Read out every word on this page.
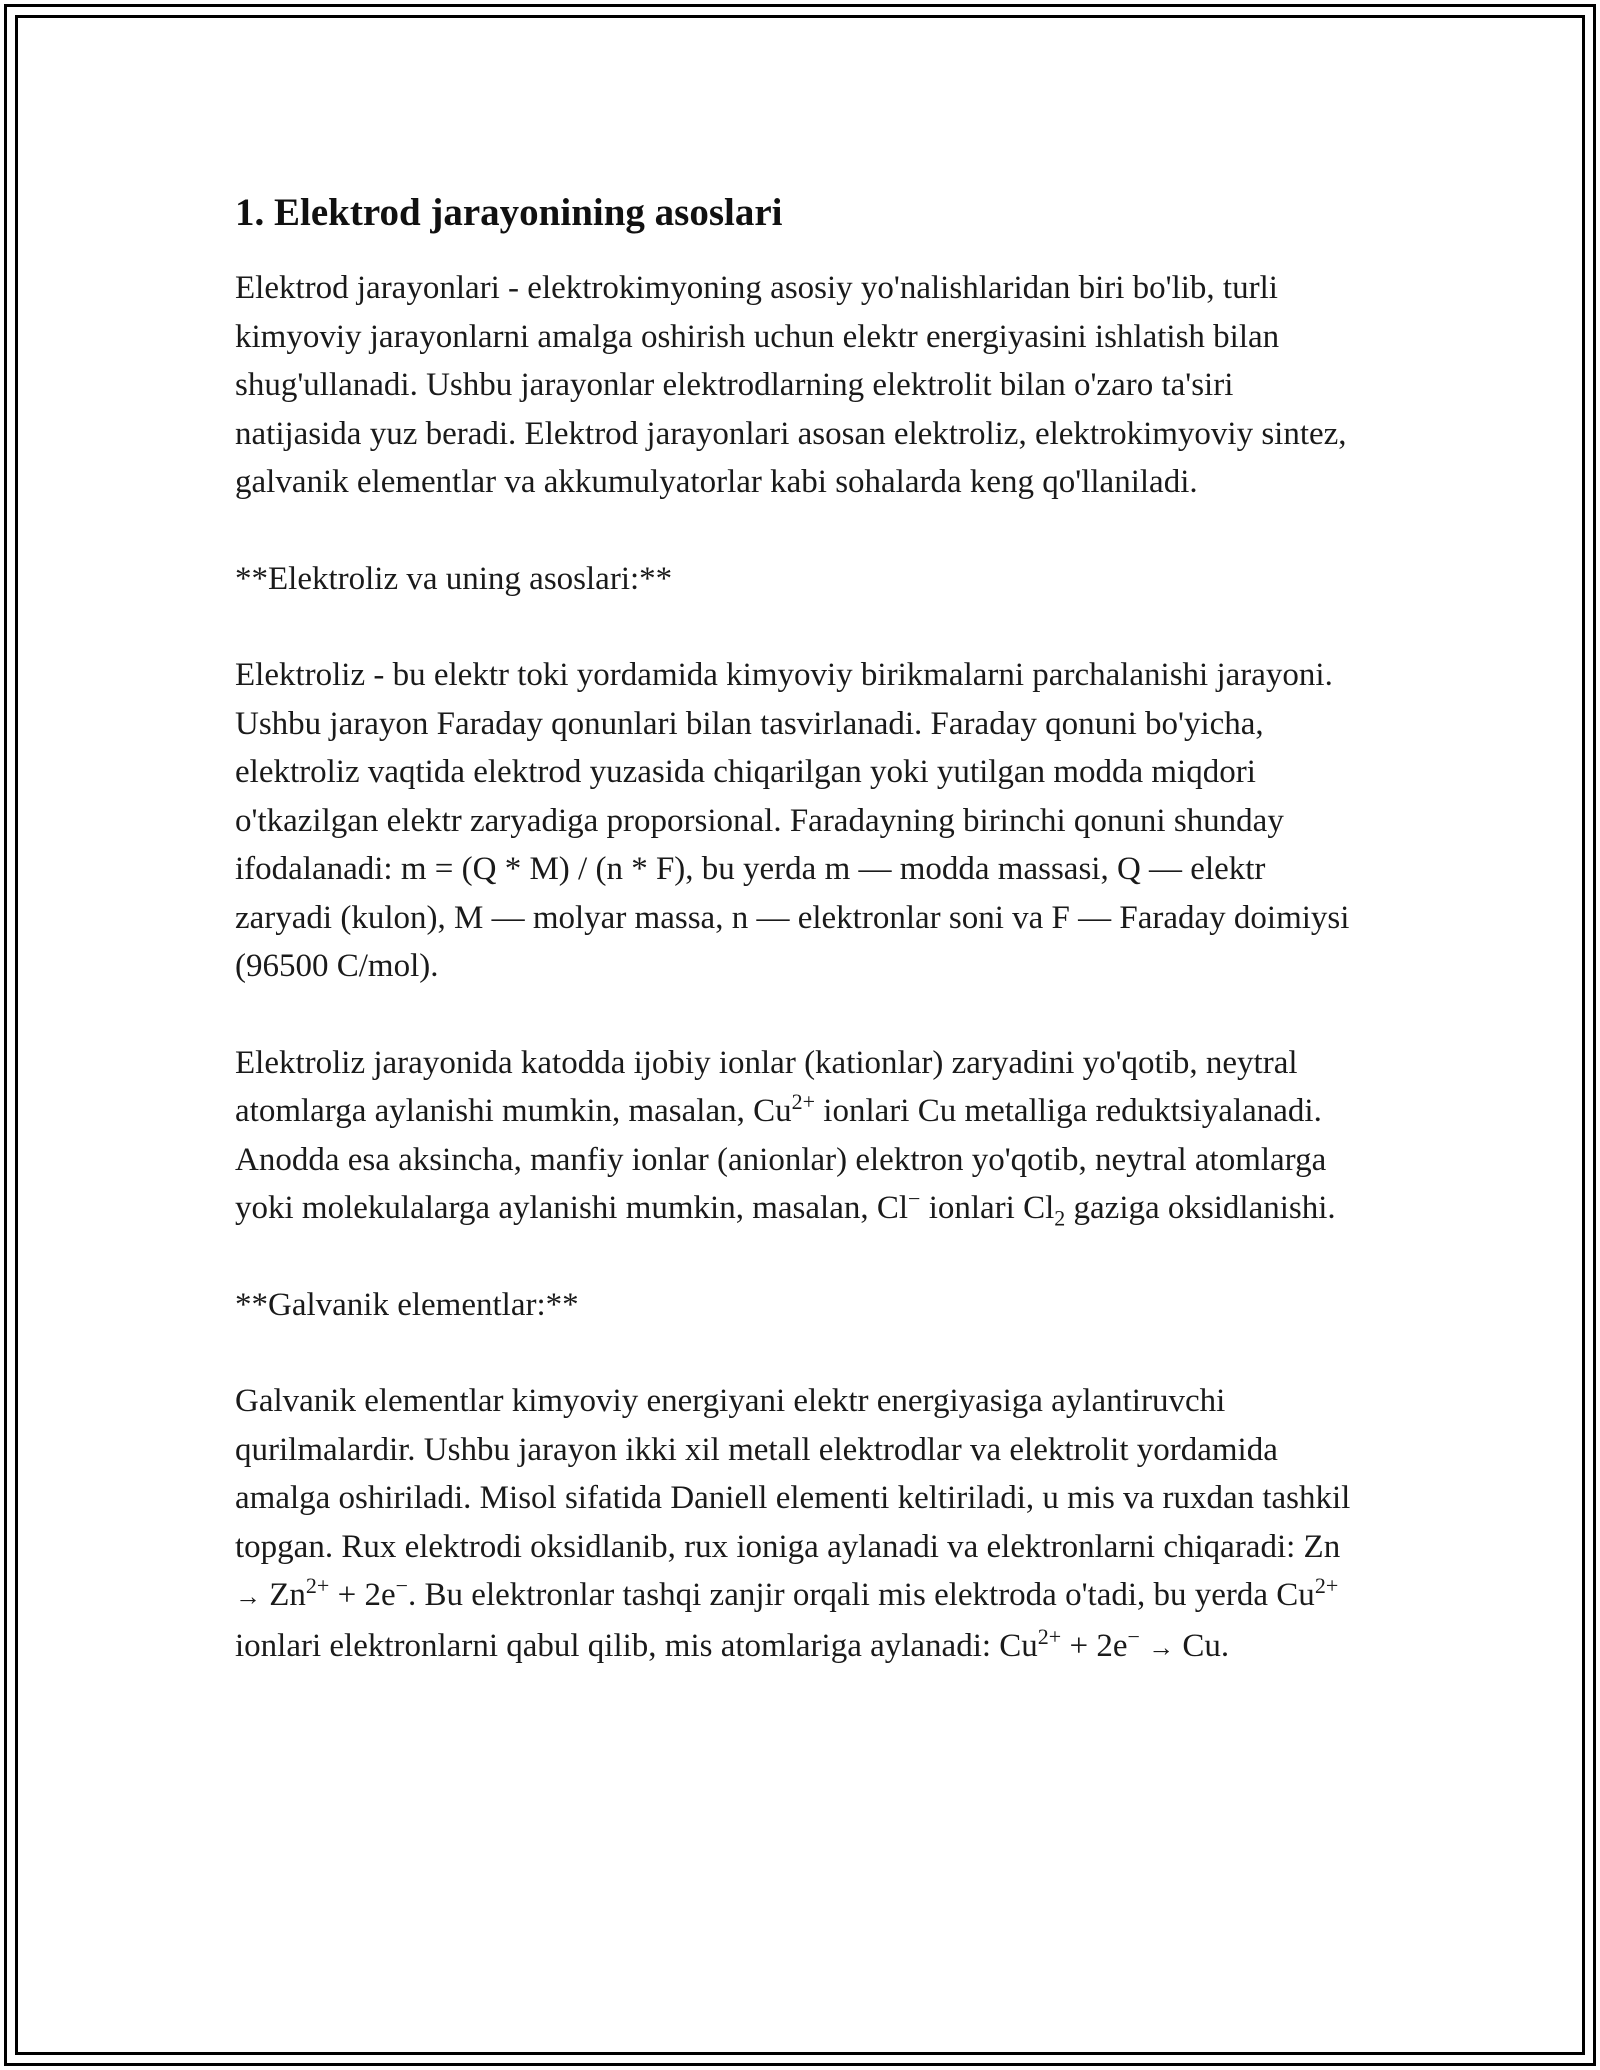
1. Elektrod jarayonining asoslari

Elektrod jarayonlari - elektrokimyoning asosiy yo'nalishlaridan biri bo'lib, turli kimyoviy jarayonlarni amalga oshirish uchun elektr energiyasini ishlatish bilan shug'ullanadi. Ushbu jarayonlar elektrodlarning elektrolit bilan o'zaro ta'siri natijasida yuz beradi. Elektrod jarayonlari asosan elektroliz, elektrokimyoviy sintez, galvanik elementlar va akkumulyatorlar kabi sohalarda keng qo'llaniladi.

**Elektroliz va uning asoslari:**

Elektroliz - bu elektr toki yordamida kimyoviy birikmalarni parchalanishi jarayoni. Ushbu jarayon Faraday qonunlari bilan tasvirlanadi. Faraday qonuni bo'yicha, elektroliz vaqtida elektrod yuzasida chiqarilgan yoki yutilgan modda miqdori o'tkazilgan elektr zaryadiga proporsional. Faradayning birinchi qonuni shunday ifodalanadi: m = (Q * M) / (n * F), bu yerda m — modda massasi, Q — elektr zaryadi (kulon), M — molyar massa, n — elektronlar soni va F — Faraday doimiysi (96500 C/mol).

Elektroliz jarayonida katodda ijobiy ionlar (kationlar) zaryadini yo'qotib, neytral atomlarga aylanishi mumkin, masalan, $Cu^{2+}$ ionlari Cu metalliga reduktsiyalanadi. Anodda esa aksincha, manfiy ionlar (anionlar) elektron yo'qotib, neytral atomlarga yoki molekulalarga aylanishi mumkin, masalan, Cl− ionlari $Cl_2$ gaziga oksidlanishi.

**Galvanik elementlar:**

Galvanik elementlar kimyoviy energiyani elektr energiyasiga aylantiruvchi qurilmalardir. Ushbu jarayon ikki xil metall elektrodlar va elektrolit yordamida amalga oshiriladi. Misol sifatida Daniell elementi keltiriladi, u mis va ruxdan tashkil topgan. Rux elektrodi oksidlanib, rux ioniga aylanadi va elektronlarni chiqaradi: $Zn \to Zn^{2+} + 2e^-$. Bu elektronlar tashqi zanjir orqali mis elektroda o'tadi, bu yerda $Cu^{2+}$ ionlari elektronlarni qabul qilib, mis atomlariga aylanadi: $Cu^{2+} + 2e^- \to Cu$.
